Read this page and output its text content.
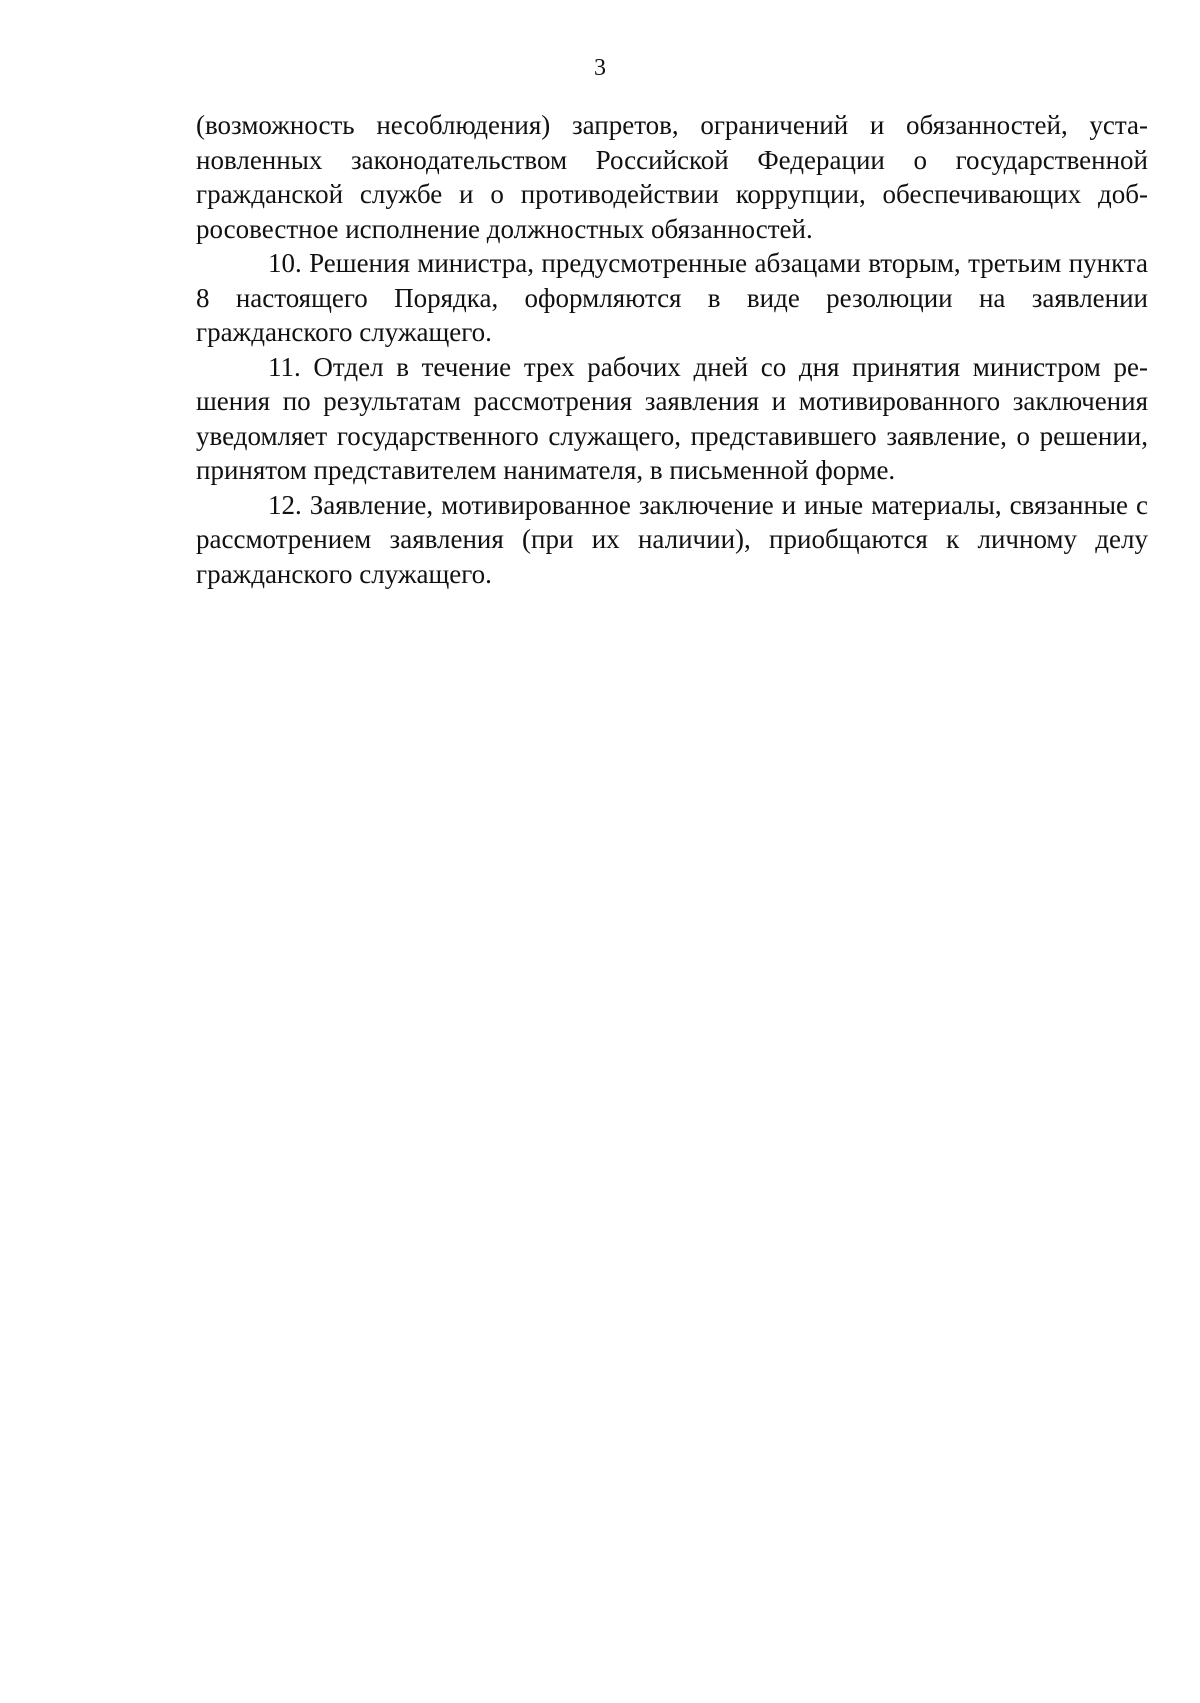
3

(возможность несоблюдения) запретов, ограничений и обязанностей, установленных законодательством Российской Федерации о государственной гражданской службе и о противодействии коррупции, обеспечивающих добросовестное исполнение должностных обязанностей.

10. Решения министра, предусмотренные абзацами вторым, третьим пункта 8 настоящего Порядка, оформляются в виде резолюции на заявлении гражданского служащего.

11. Отдел в течение трех рабочих дней со дня принятия министром решения по результатам рассмотрения заявления и мотивированного заключения уведомляет государственного служащего, представившего заявление, о решении, принятом представителем нанимателя, в письменной форме.

12. Заявление, мотивированное заключение и иные материалы, связанные с рассмотрением заявления (при их наличии), приобщаются к личному делу гражданского служащего.
